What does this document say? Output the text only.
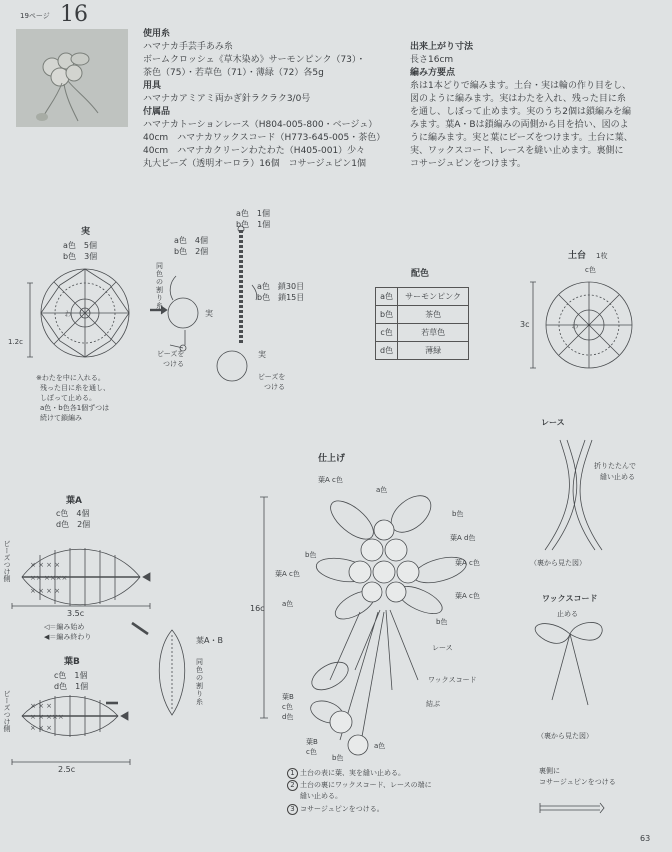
19ページ 16
使用糸
ハマナカ手芸手あみ糸
ボームクロッシェ《草木染め》サーモンピンク（73）・
茶色（75）・若草色（71）・薄緑（72）各5g
用具
ハマナカアミアミ両かぎ針ラクラク3/0号
付属品
ハマナカトーションレース（H804-005-800・ベージュ）
40cm　ハマナカワックスコード（H773-645-005・茶色）
40cm　ハマナカクリーンわたわた（H405-001）少々
丸大ビーズ（透明オーロラ）16個　コサージュピン1個
出来上がり寸法
長さ16cm
編み方要点
糸は1本どりで編みます。土台・実は輪の作り目をし、
図のように編みます。実はわたを入れ、残った目に糸
を通し、しぼって止めます。実のうち2個は鎖編みを編
みます。葉A・Bは鎖編みの両側から目を拾い、図のよ
うに編みます。実と葉にビーズをつけます。土台に葉、
実、ワックスコード、レースを縫い止めます。裏側に
コサージュピンをつけます。
わ
わ
×× ××××
× × × ×
× × × ×
× × ×××
× × ×
× × ×
実
a色　5個
b色　3個
1.2c
※わたを中に入れる。
残った目に糸を通し、
しぼって止める。
a色・b色各1個ずつは
続けて鎖編み
a色　4個
b色　2個
同
色
の
割
り
糸
実
ビーズを
つける
a色　1個
b色　1個
a色　鎖30目
b色　鎖15目
実
ビーズを
つける
配色
a色	サーモンピンク
b色	茶色
c色	若草色
d色	薄緑
土台 1枚
c色
3c
葉A
c色　4個
d色　2個
ビーズつけ側
3.5c
◁＝編み始め
◀＝編み終わり
葉B
c色　1個
d色　1個
ビーズつけ側
2.5c
葉A・B
同
色
の
割
り
糸
仕上げ
16c
葉A c色
a色
b色
葉A d色
b色
葉A c色
葉A c色
葉A c色
a色
b色
レース
ワックスコード
結ぶ
葉B
c色
d色
a色
b色
葉B
c色
1 土台の表に葉、実を縫い止める。
2 土台の裏にワックスコード、レースの端に
縫い止める。
3 コサージュピンをつける。
レース
折りたたんで
縫い止める
（裏から見た図）
ワックスコード
止める
（裏から見た図）
裏側に
コサージュピンをつける
63
